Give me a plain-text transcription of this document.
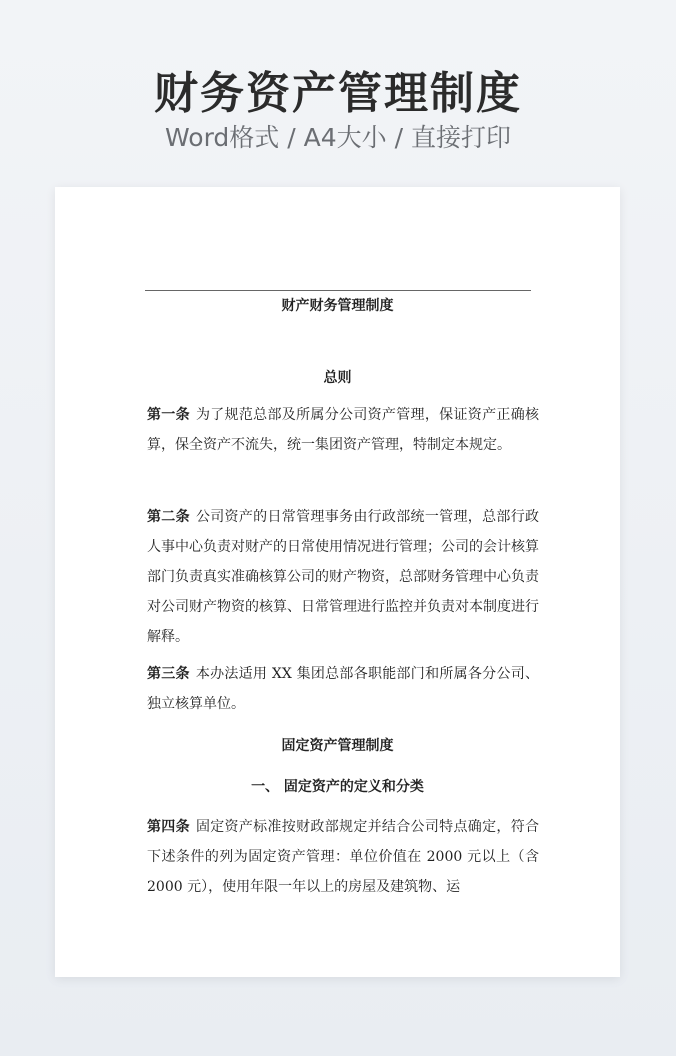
财务资产管理制度
Word格式 / A4大小 / 直接打印
财产财务管理制度
总则
第一条 为了规范总部及所属分公司资产管理，保证资产正确核算，保全资产不流失，统一集团资产管理，特制定本规定。
第二条 公司资产的日常管理事务由行政部统一管理，总部行政人事中心负责对财产的日常使用情况进行管理；公司的会计核算部门负责真实准确核算公司的财产物资，总部财务管理中心负责对公司财产物资的核算、日常管理进行监控并负责对本制度进行解释。
第三条 本办法适用 XX 集团总部各职能部门和所属各分公司、独立核算单位。
固定资产管理制度
一、 固定资产的定义和分类
第四条 固定资产标准按财政部规定并结合公司特点确定，符合下述条件的列为固定资产管理：单位价值在 2000 元以上（含 2000 元），使用年限一年以上的房屋及建筑物、运
